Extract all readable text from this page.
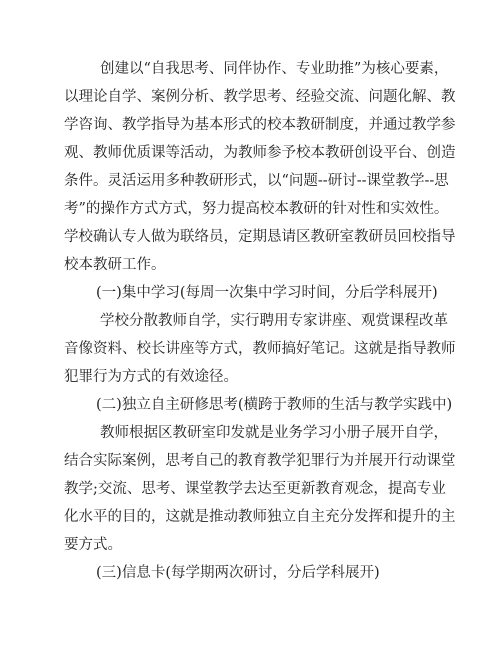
创建以“自我思考、同伴协作、专业助推”为核心要素，
以理论自学、案例分析、教学思考、经验交流、问题化解、教
学咨询、教学指导为基本形式的校本教研制度，并通过教学参
观、教师优质课等活动，为教师参予校本教研创设平台、创造
条件。灵活运用多种教研形式，以“问题--研讨--课堂教学--思
考”的操作方式方式，努力提高校本教研的针对性和实效性。
学校确认专人做为联络员，定期恳请区教研室教研员回校指导
校本教研工作。
(一)集中学习(每周一次集中学习时间，分后学科展开)
学校分散教师自学，实行聘用专家讲座、观赏课程改革
音像资料、校长讲座等方式，教师搞好笔记。这就是指导教师
犯罪行为方式的有效途径。
(二)独立自主研修思考(横跨于教师的生活与教学实践中)
教师根据区教研室印发就是业务学习小册子展开自学，
结合实际案例，思考自己的教育教学犯罪行为并展开行动课堂
教学;交流、思考、课堂教学去达至更新教育观念，提高专业
化水平的目的，这就是推动教师独立自主充分发挥和提升的主
要方式。
(三)信息卡(每学期两次研讨，分后学科展开)
